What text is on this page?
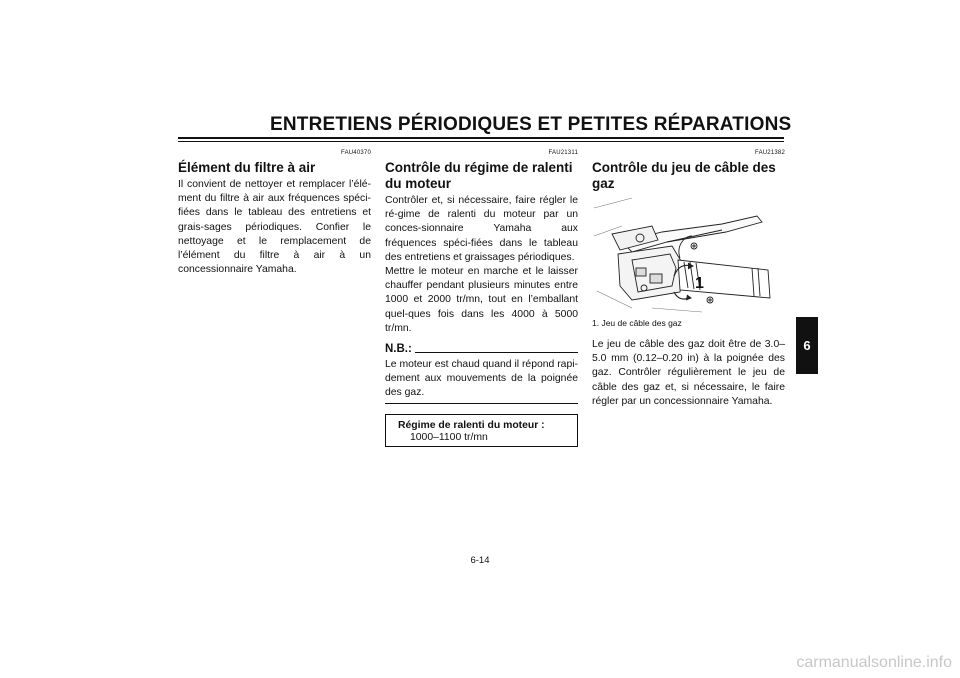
ENTRETIENS PÉRIODIQUES ET PETITES RÉPARATIONS
FAU40370
Élément du filtre à air

Il convient de nettoyer et remplacer l’élé-ment du filtre à air aux fréquences spéci-fiées dans le tableau des entretiens et grais-sages périodiques. Confier le nettoyage et le remplacement de l’élément du filtre à air à un concessionnaire Yamaha.

FAU21311
Contrôle du régime de ralenti du moteur

Contrôler et, si nécessaire, faire régler le ré-gime de ralenti du moteur par un conces-sionnaire Yamaha aux fréquences spéci-fiées dans le tableau des entretiens et graissages périodiques.

Mettre le moteur en marche et le laisser chauffer pendant plusieurs minutes entre 1000 et 2000 tr/mn, tout en l’emballant quel-ques fois dans les 4000 à 5000 tr/mn.

N.B.:

Le moteur est chaud quand il répond rapi-dement aux mouvements de la poignée des gaz.

Régime de ralenti du moteur :
1000–1100 tr/mn
FAU21382
Contrôle du jeu de câble des gaz
1
1. Jeu de câble des gaz

Le jeu de câble des gaz doit être de 3.0–5.0 mm (0.12–0.20 in) à la poignée des gaz. Contrôler régulièrement le jeu de câble des gaz et, si nécessaire, le faire régler par un concessionnaire Yamaha.

6
6-14
carmanualsonline.info
